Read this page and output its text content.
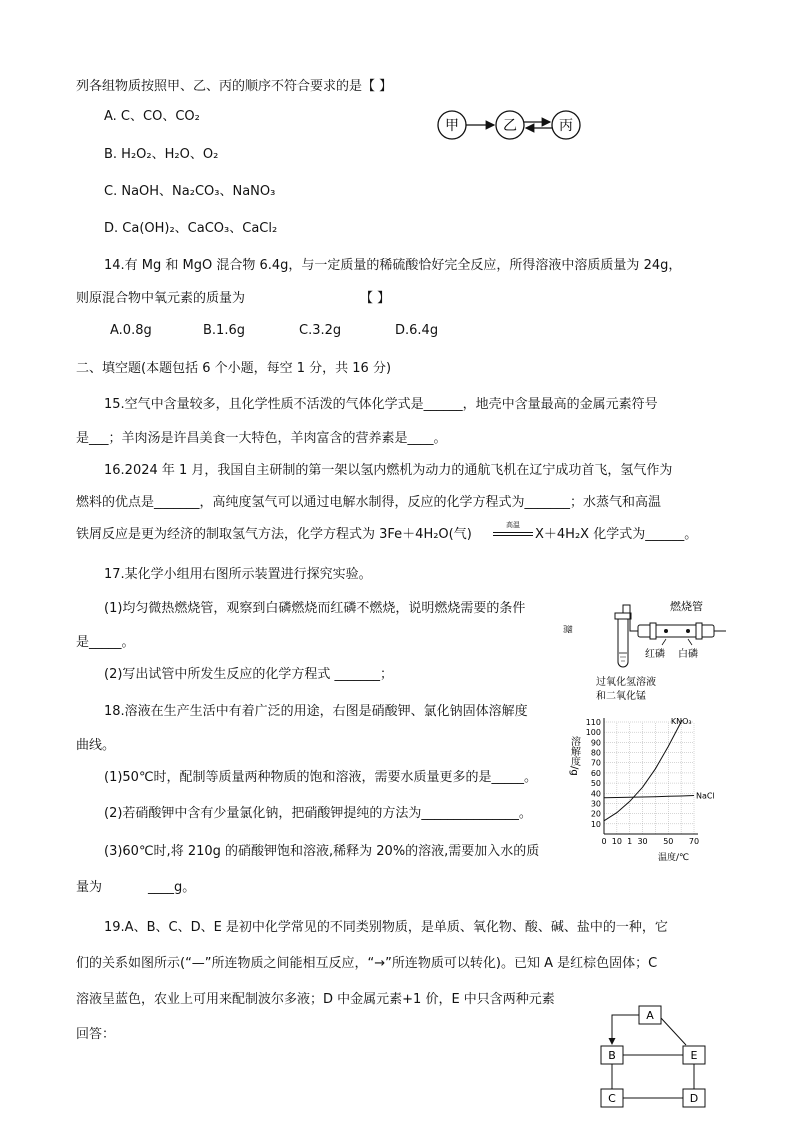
列各组物质按照甲、乙、丙的顺序不符合要求的是【 】
A. C、CO、CO₂
B. H₂O₂、H₂O、O₂
C. NaOH、Na₂CO₃、NaNO₃
D. Ca(OH)₂、CaCO₃、CaCl₂
甲	乙	丙
14.有 Mg 和 MgO 混合物 6.4g，与一定质量的稀硫酸恰好完全反应，所得溶液中溶质质量为 24g，
则原混合物中氧元素的质量为	【 】
A.0.8g	B.1.6g	C.3.2g	D.6.4g
二、填空题(本题包括 6 个小题，每空 1 分，共 16 分)
15.空气中含量较多，且化学性质不活泼的气体化学式是______，地壳中含量最高的金属元素符号
是___；羊肉汤是许昌美食一大特色，羊肉富含的营养素是____。
16.2024 年 1 月，我国自主研制的第一架以氢内燃机为动力的通航飞机在辽宁成功首飞，氢气作为
燃料的优点是_______，高纯度氢气可以通过电解水制得，反应的化学方程式为_______；水蒸气和高温
铁屑反应是更为经济的制取氢气方法，化学方程式为 3Fe＋4H₂O(气)
高温
X＋4H₂X 化学式为______。
17.某化学小组用右图所示装置进行探究实验。
(1)均匀微热燃烧管，观察到白磷燃烧而红磷不燃烧，说明燃烧需要的条件
是_____。
(2)写出试管中所发生反应的化学方程式 _______；
鬶
燃烧管
红磷 白磷
过氧化氢溶液
和二氧化锰
18.溶液在生产生活中有着广泛的用途，右图是硝酸钾、氯化钠固体溶解度
曲线。
(1)50℃时，配制等质量两种物质的饱和溶液，需要水质量更多的是_____。
(2)若硝酸钾中含有少量氯化钠，把硝酸钾提纯的方法为_______________。
(3)60℃时,将 210g 的硝酸钾饱和溶液,稀释为 20%的溶液,需要加入水的质
量为	____g。
110
100
90
80
70
60
50
40
30
20
10
0 10 1 30 50 70
KNO₃
NaCl
溶解度/g
温度/℃
19.A、B、C、D、E 是初中化学常见的不同类别物质，是单质、氧化物、酸、碱、盐中的一种，它
们的关系如图所示(“—”所连物质之间能相互反应，“→”所连物质可以转化)。已知 A 是红棕色固体；C
溶液呈蓝色，农业上可用来配制波尔多液；D 中金属元素+1 价，E 中只含两种元素
回答：
A
B	E
C	D
